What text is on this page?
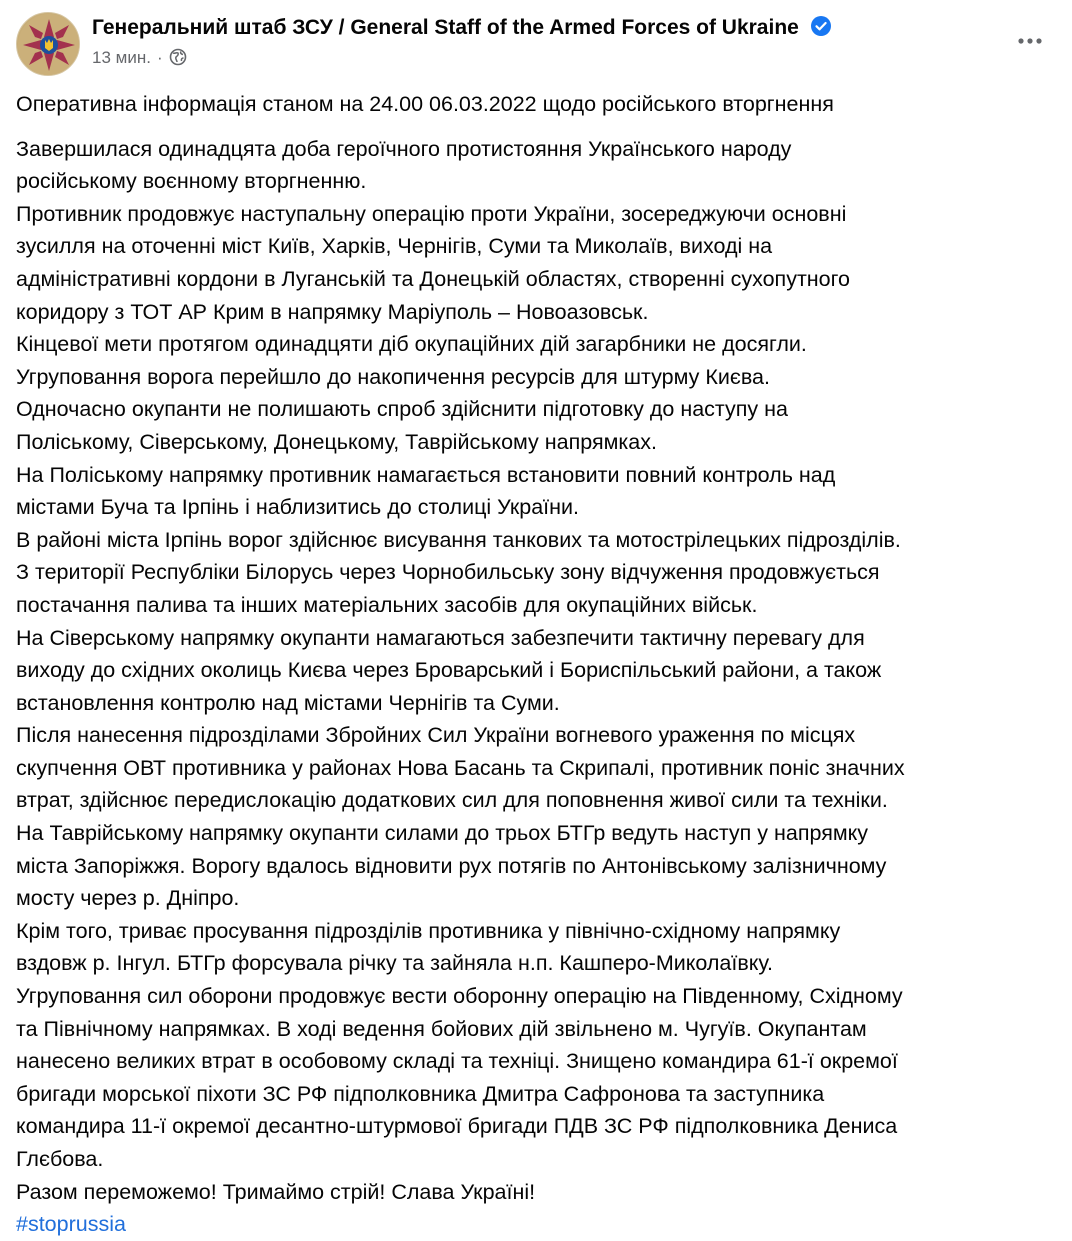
Генеральний штаб ЗСУ / General Staff of the Armed Forces of Ukraine
13 мин. ·

Оперативна інформація станом на 24.00 06.03.2022 щодо російського вторгнення

Завершилася одинадцята доба героїчного протистояння Українського народу

російському воєнному вторгненню.

Противник продовжує наступальну операцію проти України, зосереджуючи основні

зусилля на оточенні міст Київ, Харків, Чернігів, Суми та Миколаїв, виході на

адміністративні кордони в Луганській та Донецькій областях, створенні сухопутного

коридору з ТОТ АР Крим в напрямку Маріуполь – Новоазовськ.

Кінцевої мети протягом одинадцяти діб окупаційних дій загарбники не досягли.

Угруповання ворога перейшло до накопичення ресурсів для штурму Києва.

Одночасно окупанти не полишають спроб здійснити підготовку до наступу на

Поліському, Сіверському, Донецькому, Таврійському напрямках.

На Поліському напрямку противник намагається встановити повний контроль над

містами Буча та Ірпінь і наблизитись до столиці України.

В районі міста Ірпінь ворог здійснює висування танкових та мотострілецьких підрозділів.

З території Республіки Білорусь через Чорнобильську зону відчуження продовжується

постачання палива та інших матеріальних засобів для окупаційних військ.

На Сіверському напрямку окупанти намагаються забезпечити тактичну перевагу для

виходу до східних околиць Києва через Броварський і Бориспільський райони, а також

встановлення контролю над містами Чернігів та Суми.

Після нанесення підрозділами Збройних Сил України вогневого ураження по місцях

скупчення ОВТ противника у районах Нова Басань та Скрипалі, противник поніс значних

втрат, здійснює передислокацію додаткових сил для поповнення живої сили та техніки.

На Таврійському напрямку окупанти силами до трьох БТГр ведуть наступ у напрямку

міста Запоріжжя. Ворогу вдалось відновити рух потягів по Антонівському залізничному

мосту через р. Дніпро.

Крім того, триває просування підрозділів противника у північно-східному напрямку

вздовж р. Інгул. БТГр форсувала річку та зайняла н.п. Кашперо-Миколаївку.

Угруповання сил оборони продовжує вести оборонну операцію на Південному, Східному

та Північному напрямках. В ході ведення бойових дій звільнено м. Чугуїв. Окупантам

нанесено великих втрат в особовому складі та техніці. Знищено командира 61-ї окремої

бригади морської піхоти ЗС РФ підполковника Дмитра Сафронова та заступника

командира 11-ї окремої десантно-штурмової бригади ПДВ ЗС РФ підполковника Дениса

Глєбова.

Разом переможемо! Тримаймо стрій! Слава Україні!

#stoprussia
